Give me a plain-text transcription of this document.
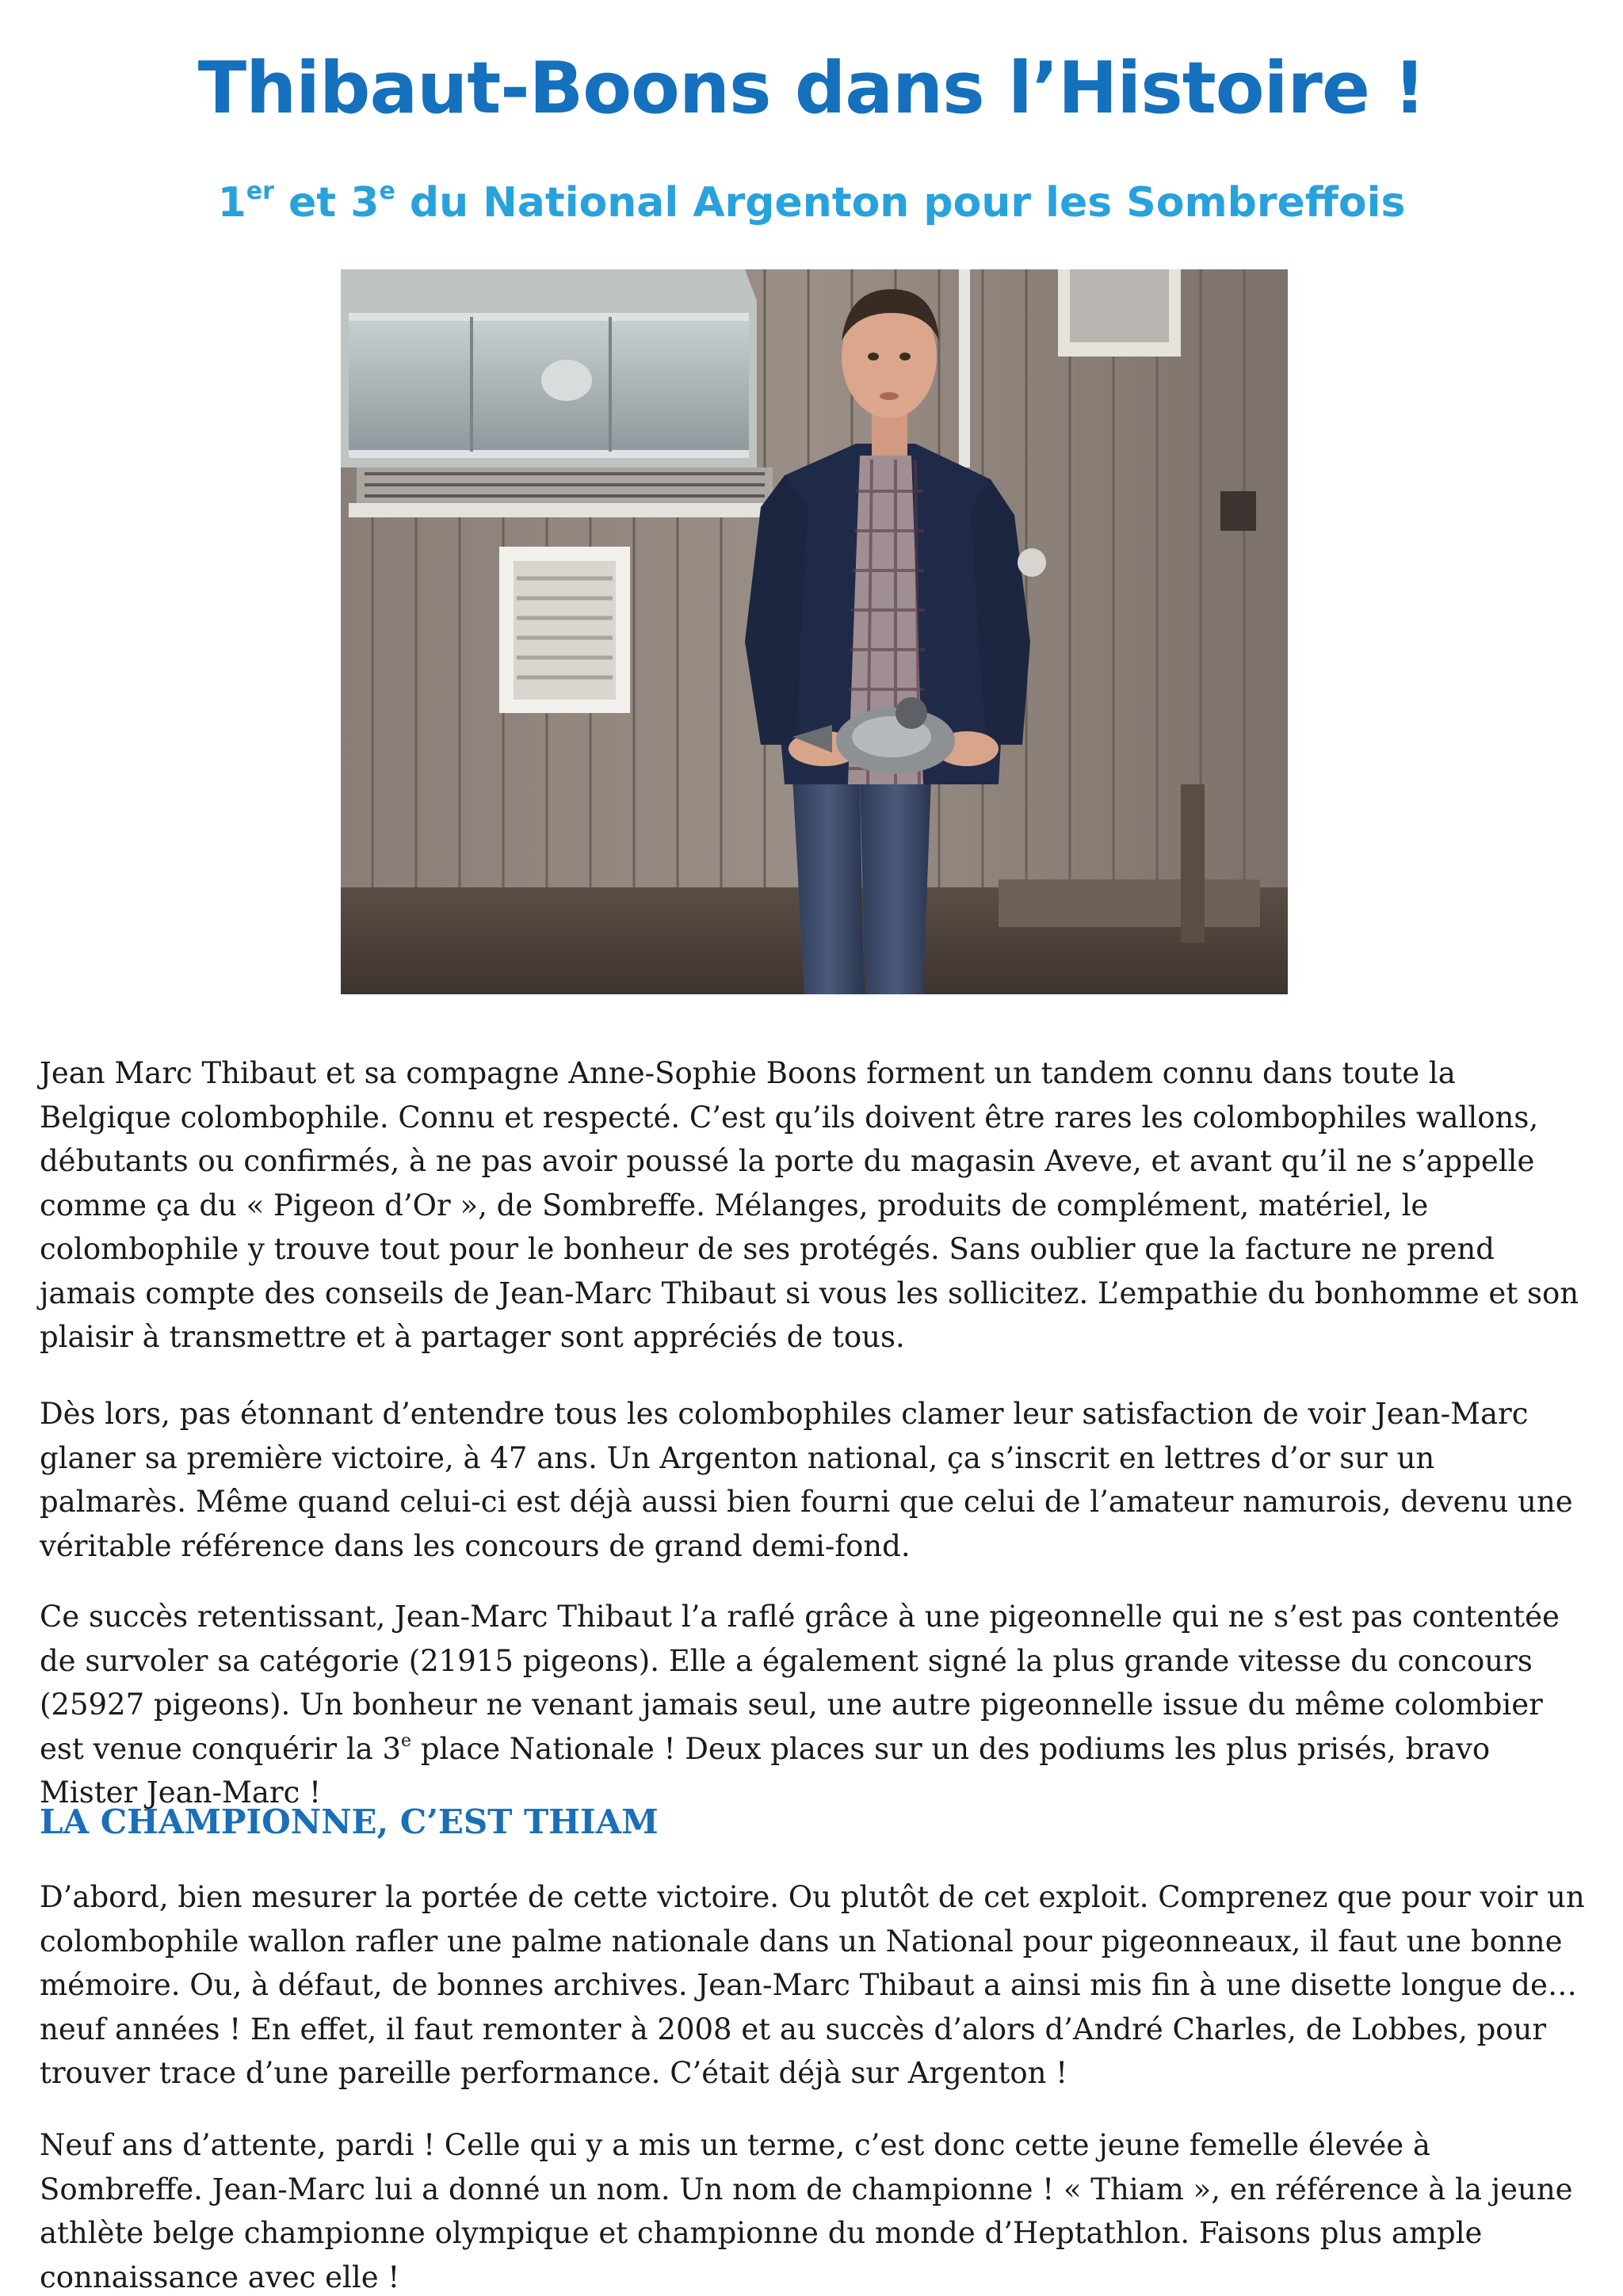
Thibaut-Boons dans l’Histoire !
1er et 3e du National Argenton pour les Sombreffois

Jean Marc Thibaut et sa compagne Anne-Sophie Boons forment un tandem connu dans toute la Belgique colombophile. Connu et respecté. C’est qu’ils doivent être rares les colombophiles wallons, débutants ou confirmés, à ne pas avoir poussé la porte du magasin Aveve, et avant qu’il ne s’appelle comme ça du « Pigeon d’Or », de Sombreffe. Mélanges, produits de complément, matériel, le colombophile y trouve tout pour le bonheur de ses protégés. Sans oublier que la facture ne prend jamais compte des conseils de Jean-Marc Thibaut si vous les sollicitez. L’empathie du bonhomme et son plaisir à transmettre et à partager sont appréciés de tous.

Dès lors, pas étonnant d’entendre tous les colombophiles clamer leur satisfaction de voir Jean-Marc glaner sa première victoire, à 47 ans. Un Argenton national, ça s’inscrit en lettres d’or sur un palmarès. Même quand celui-ci est déjà aussi bien fourni que celui de l’amateur namurois, devenu une véritable référence dans les concours de grand demi-fond.

Ce succès retentissant, Jean-Marc Thibaut l’a raflé grâce à une pigeonnelle qui ne s’est pas contentée de survoler sa catégorie (21915 pigeons). Elle a également signé la plus grande vitesse du concours (25927 pigeons). Un bonheur ne venant jamais seul, une autre pigeonnelle issue du même colombier est venue conquérir la 3e place Nationale ! Deux places sur un des podiums les plus prisés, bravo Mister Jean-Marc !

LA CHAMPIONNE, C’EST THIAM

D’abord, bien mesurer la portée de cette victoire. Ou plutôt de cet exploit. Comprenez que pour voir un colombophile wallon rafler une palme nationale dans un National pour pigeonneaux, il faut une bonne mémoire. Ou, à défaut, de bonnes archives. Jean-Marc Thibaut a ainsi mis fin à une disette longue de… neuf années ! En effet, il faut remonter à 2008 et au succès d’alors d’André Charles, de Lobbes, pour trouver trace d’une pareille performance. C’était déjà sur Argenton !

Neuf ans d’attente, pardi ! Celle qui y a mis un terme, c’est donc cette jeune femelle élevée à Sombreffe. Jean-Marc lui a donné un nom. Un nom de championne ! « Thiam », en référence à la jeune athlète belge championne olympique et championne du monde d’Heptathlon. Faisons plus ample connaissance avec elle !
